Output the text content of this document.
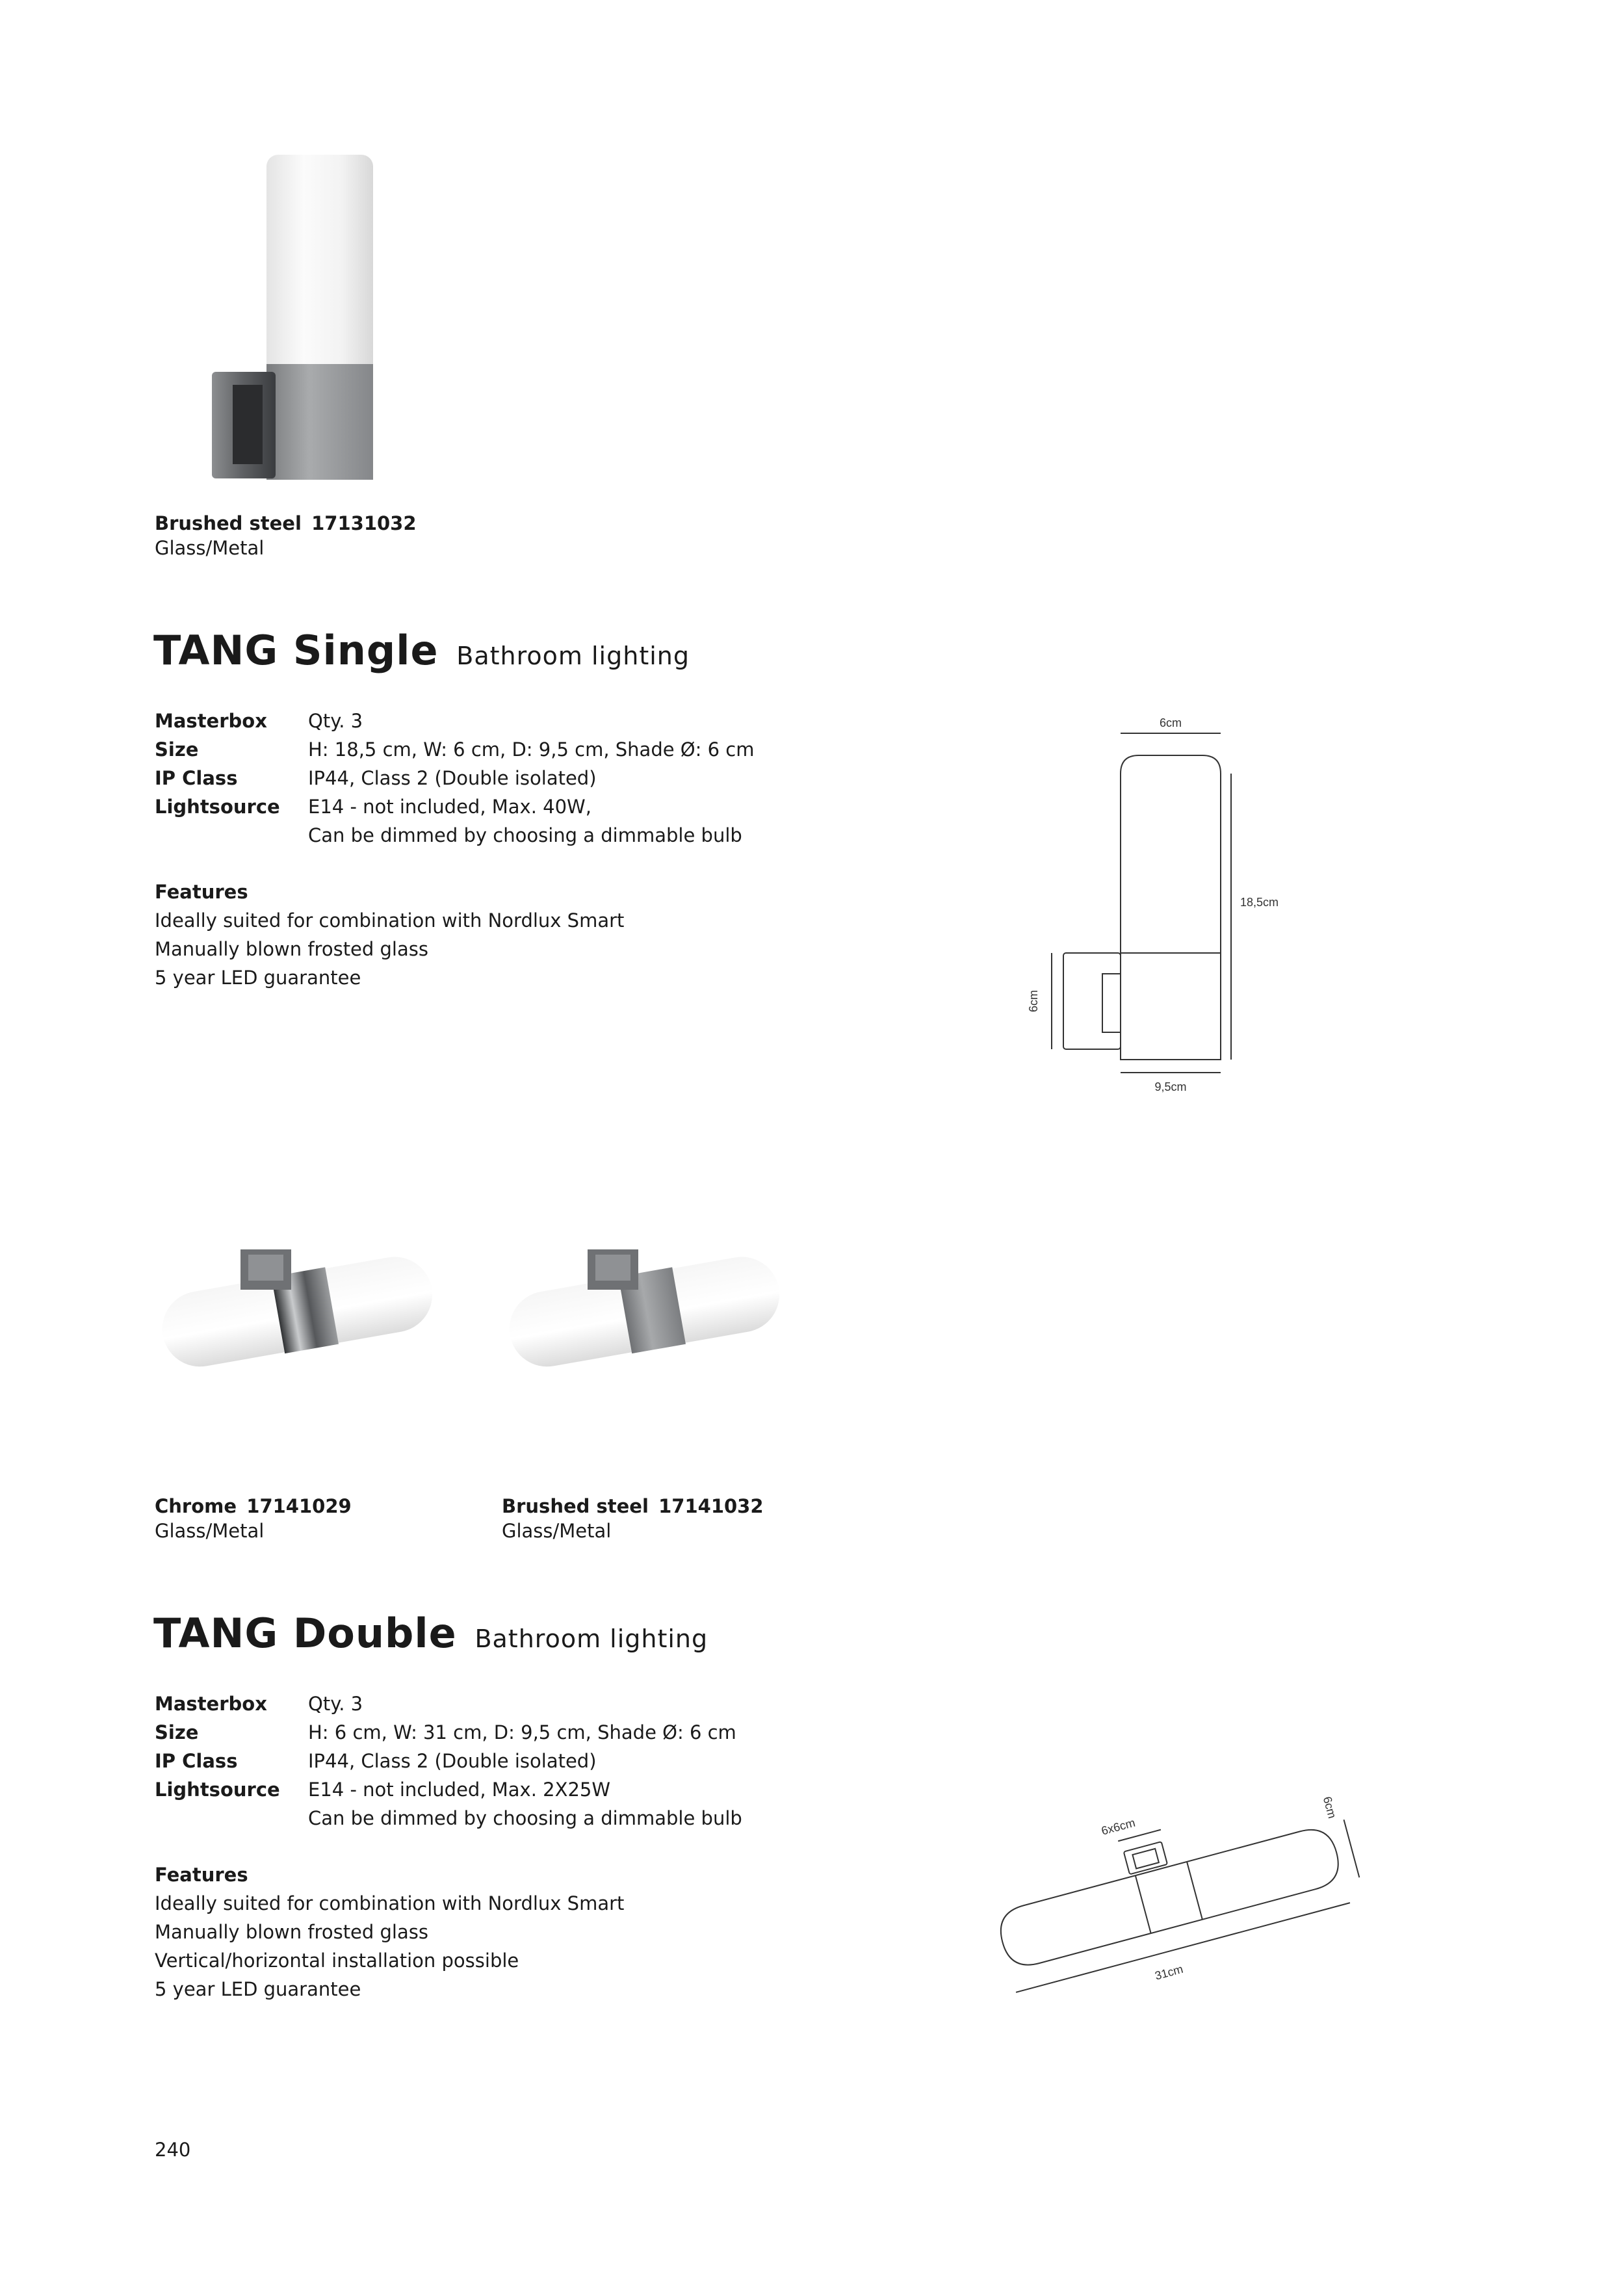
Brushed steel 17131032
Glass/Metal
TANG Single Bathroom lighting
Masterbox	Qty. 3
Size	H: 18,5 cm, W: 6 cm, D: 9,5 cm, Shade Ø: 6 cm
IP Class	IP44, Class 2 (Double isolated)
Lightsource	E14 - not included, Max. 40W,
Can be dimmed by choosing a dimmable bulb
Features
Ideally suited for combination with Nordlux Smart
Manually blown frosted glass
5 year LED guarantee
6cm
18,5cm
6cm
9,5cm
Chrome 17141029
Glass/Metal
Brushed steel 17141032
Glass/Metal
TANG Double Bathroom lighting
Masterbox	Qty. 3
Size	H: 6 cm, W: 31 cm, D: 9,5 cm, Shade Ø: 6 cm
IP Class	IP44, Class 2 (Double isolated)
Lightsource	E14 - not included, Max. 2X25W
Can be dimmed by choosing a dimmable bulb
Features
Ideally suited for combination with Nordlux Smart
Manually blown frosted glass
Vertical/horizontal installation possible
5 year LED guarantee
6x6cm
6cm
31cm
240
